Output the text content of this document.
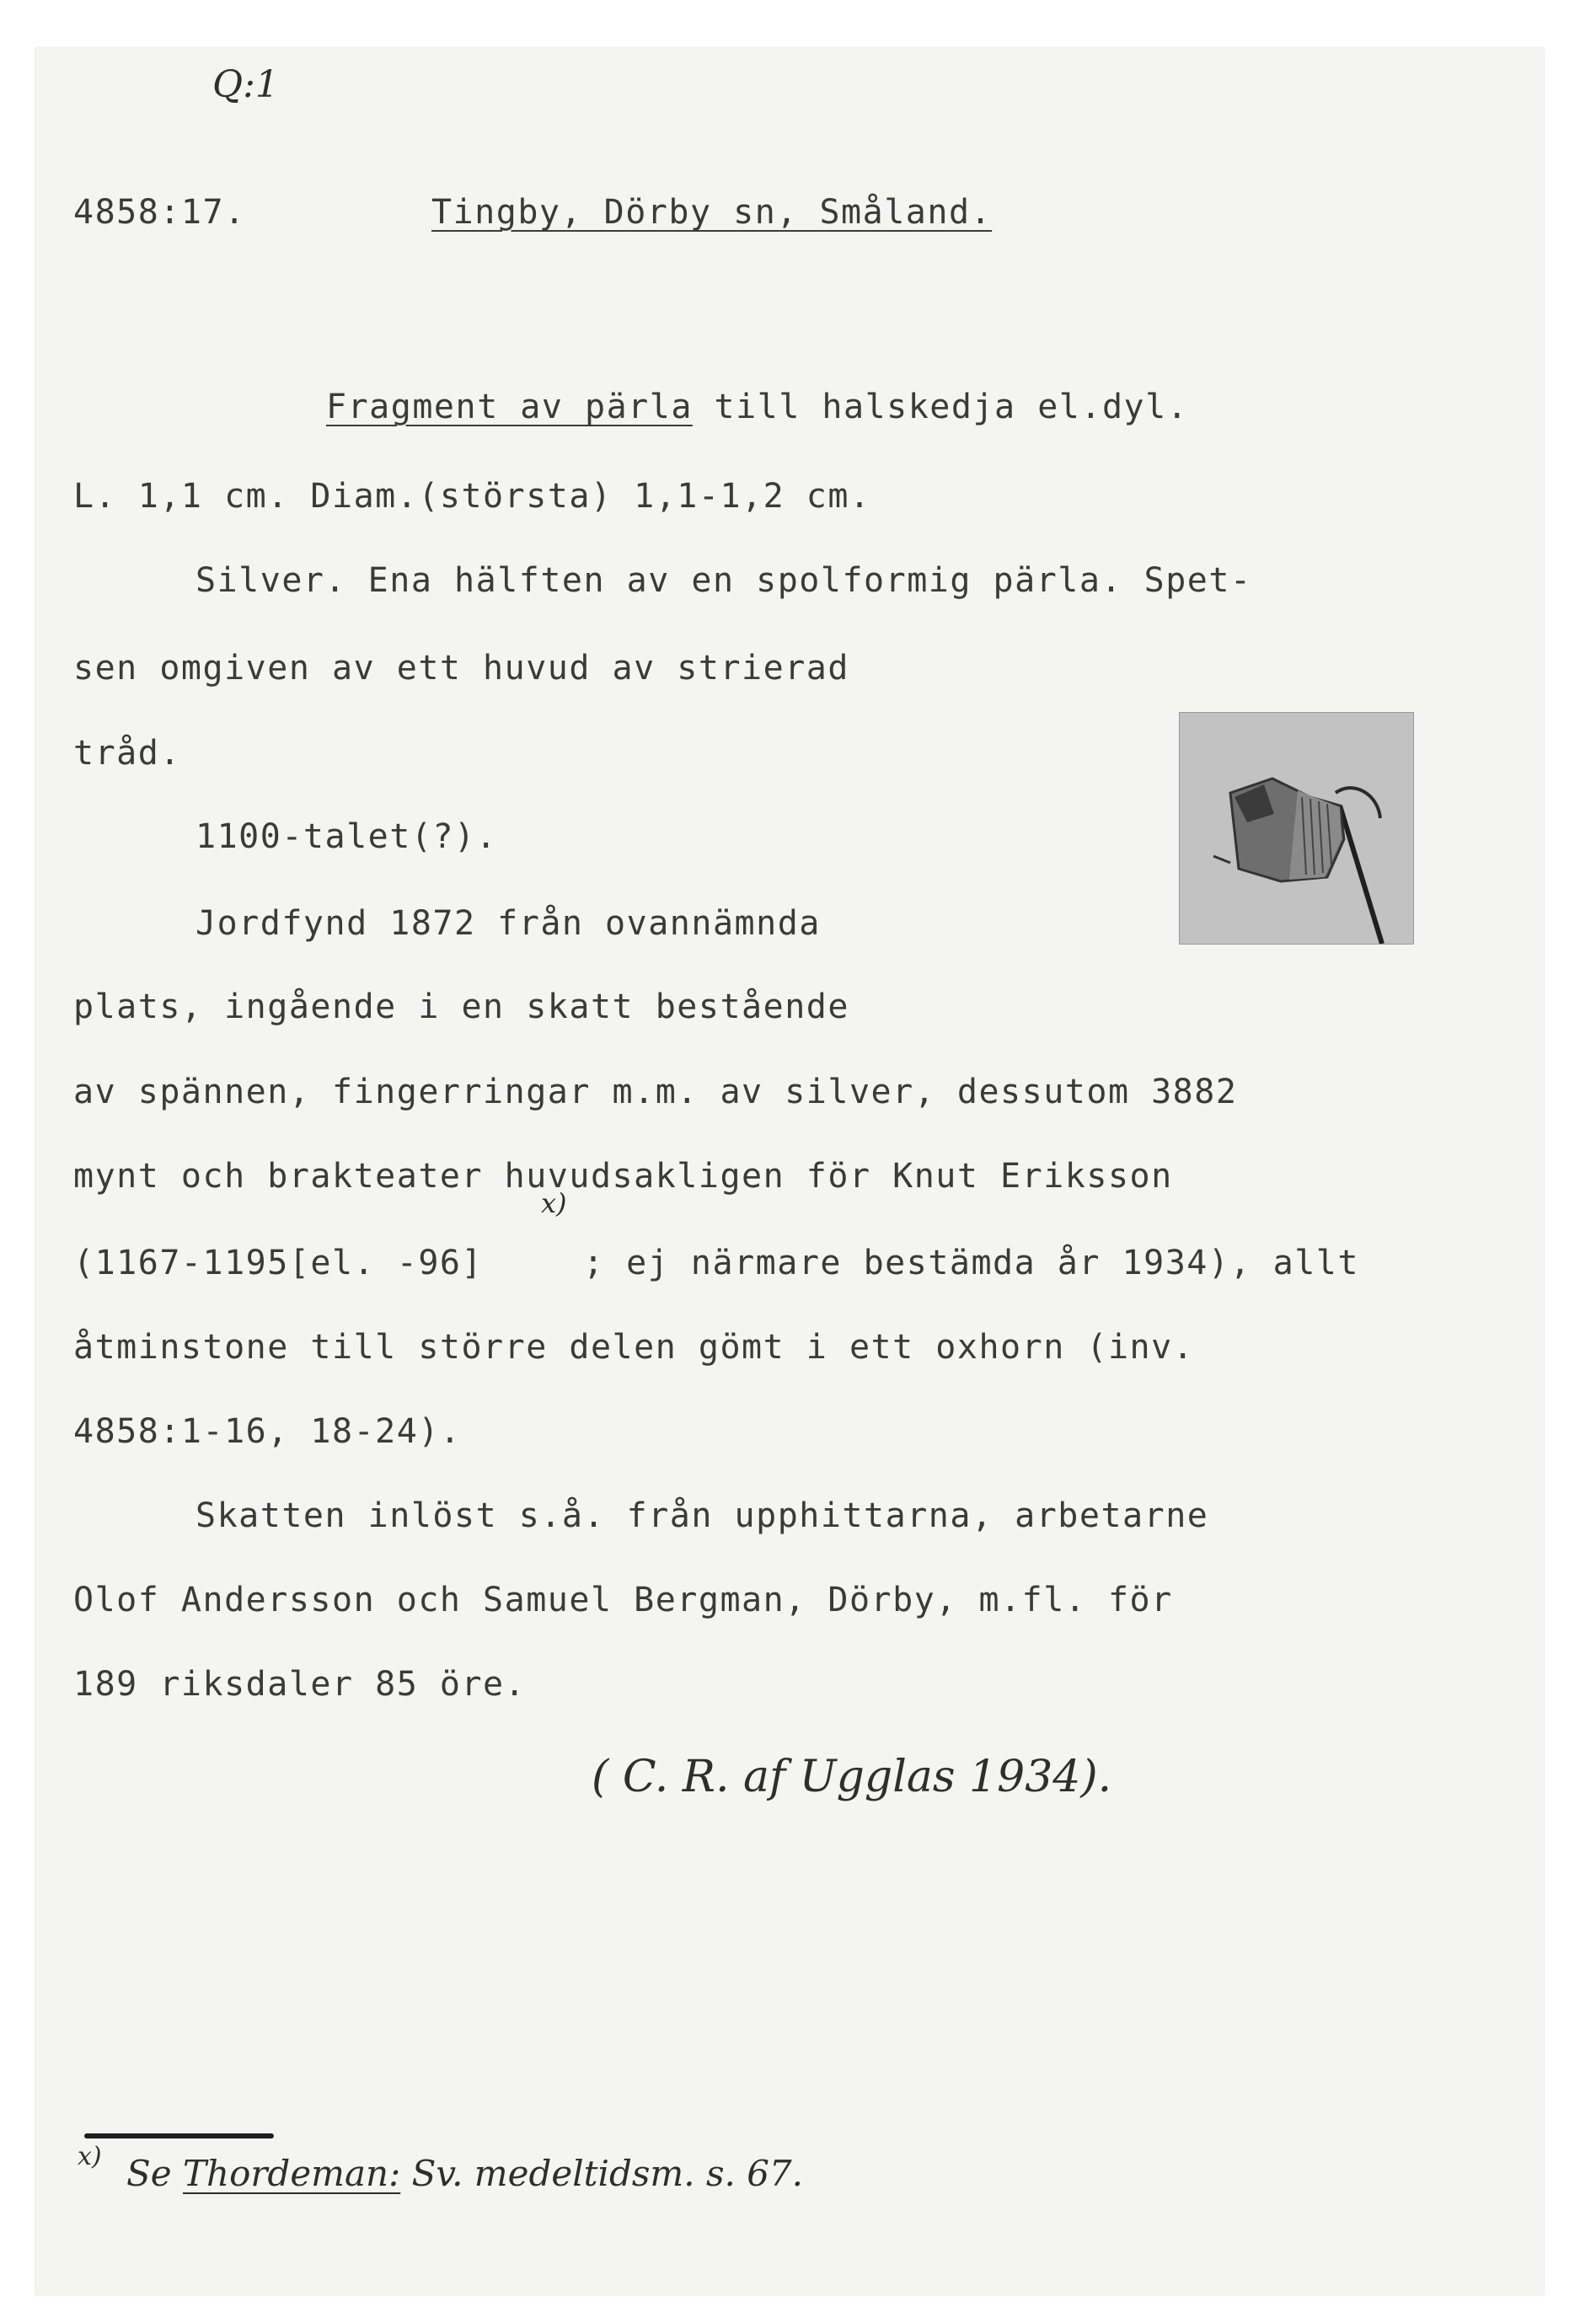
Q:1
4858:17.	Tingby, Dörby sn, Småland.
Fragment av pärla till halskedja el.dyl.
L. 1,1 cm. Diam.(största) 1,1-1,2 cm.
Silver. Ena hälften av en spolformig pärla. Spet-
sen omgiven av ett huvud av strierad
tråd.
1100-talet(?).
Jordfynd 1872 från ovannämnda
plats, ingående i en skatt bestående
av spännen, fingerringar m.m. av silver, dessutom 3882
mynt och brakteater huvudsakligen för Knut Eriksson
(1167-1195[el. -96]
x)
; ej närmare bestämda år 1934), allt
åtminstone till större delen gömt i ett oxhorn (inv.
4858:1-16, 18-24).
Skatten inlöst s.å. från upphittarna, arbetarne
Olof Andersson och Samuel Bergman, Dörby, m.fl. för
189 riksdaler 85 öre.
( C. R. af Ugglas 1934).
x) Se Thordeman: Sv. medeltidsm. s. 67.
